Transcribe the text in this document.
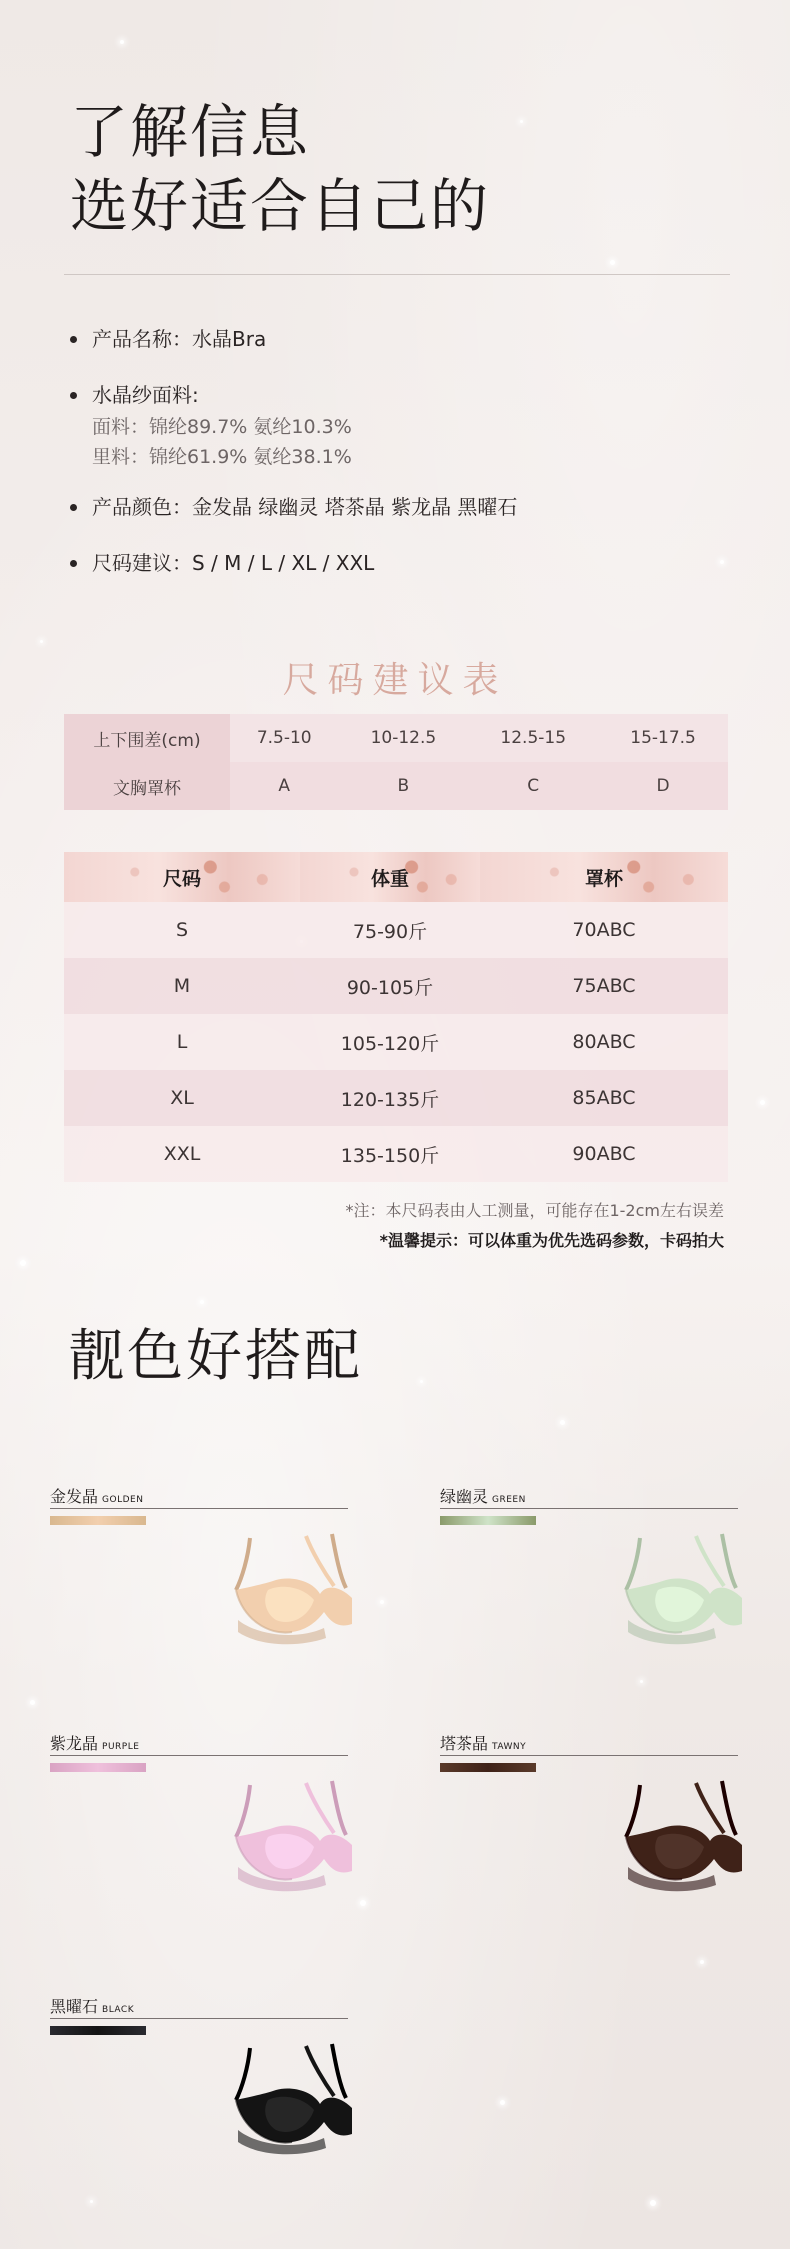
了解信息
选好适合自己的
产品名称：水晶Bra
水晶纱面料:
面料：锦纶89.7% 氨纶10.3%
里料：锦纶61.9% 氨纶38.1%
产品颜色：金发晶 绿幽灵 塔茶晶 紫龙晶 黑曜石
尺码建议：S / M / L / XL / XXL
尺码建议表
上下围差(cm)	7.5-10	10-12.5	12.5-15	15-17.5
文胸罩杯	A	B	C	D
尺码	体重	罩杯
S	75-90斤	70ABC
M	90-105斤	75ABC
L	105-120斤	80ABC
XL	120-135斤	85ABC
XXL	135-150斤	90ABC
*注：本尺码表由人工测量，可能存在1-2cm左右误差
*温馨提示：可以体重为优先选码参数，卡码拍大
靓色好搭配
金发晶 GOLDEN	绿幽灵 GREEN
紫龙晶 PURPLE	塔茶晶 TAWNY
黑曜石 BLACK
